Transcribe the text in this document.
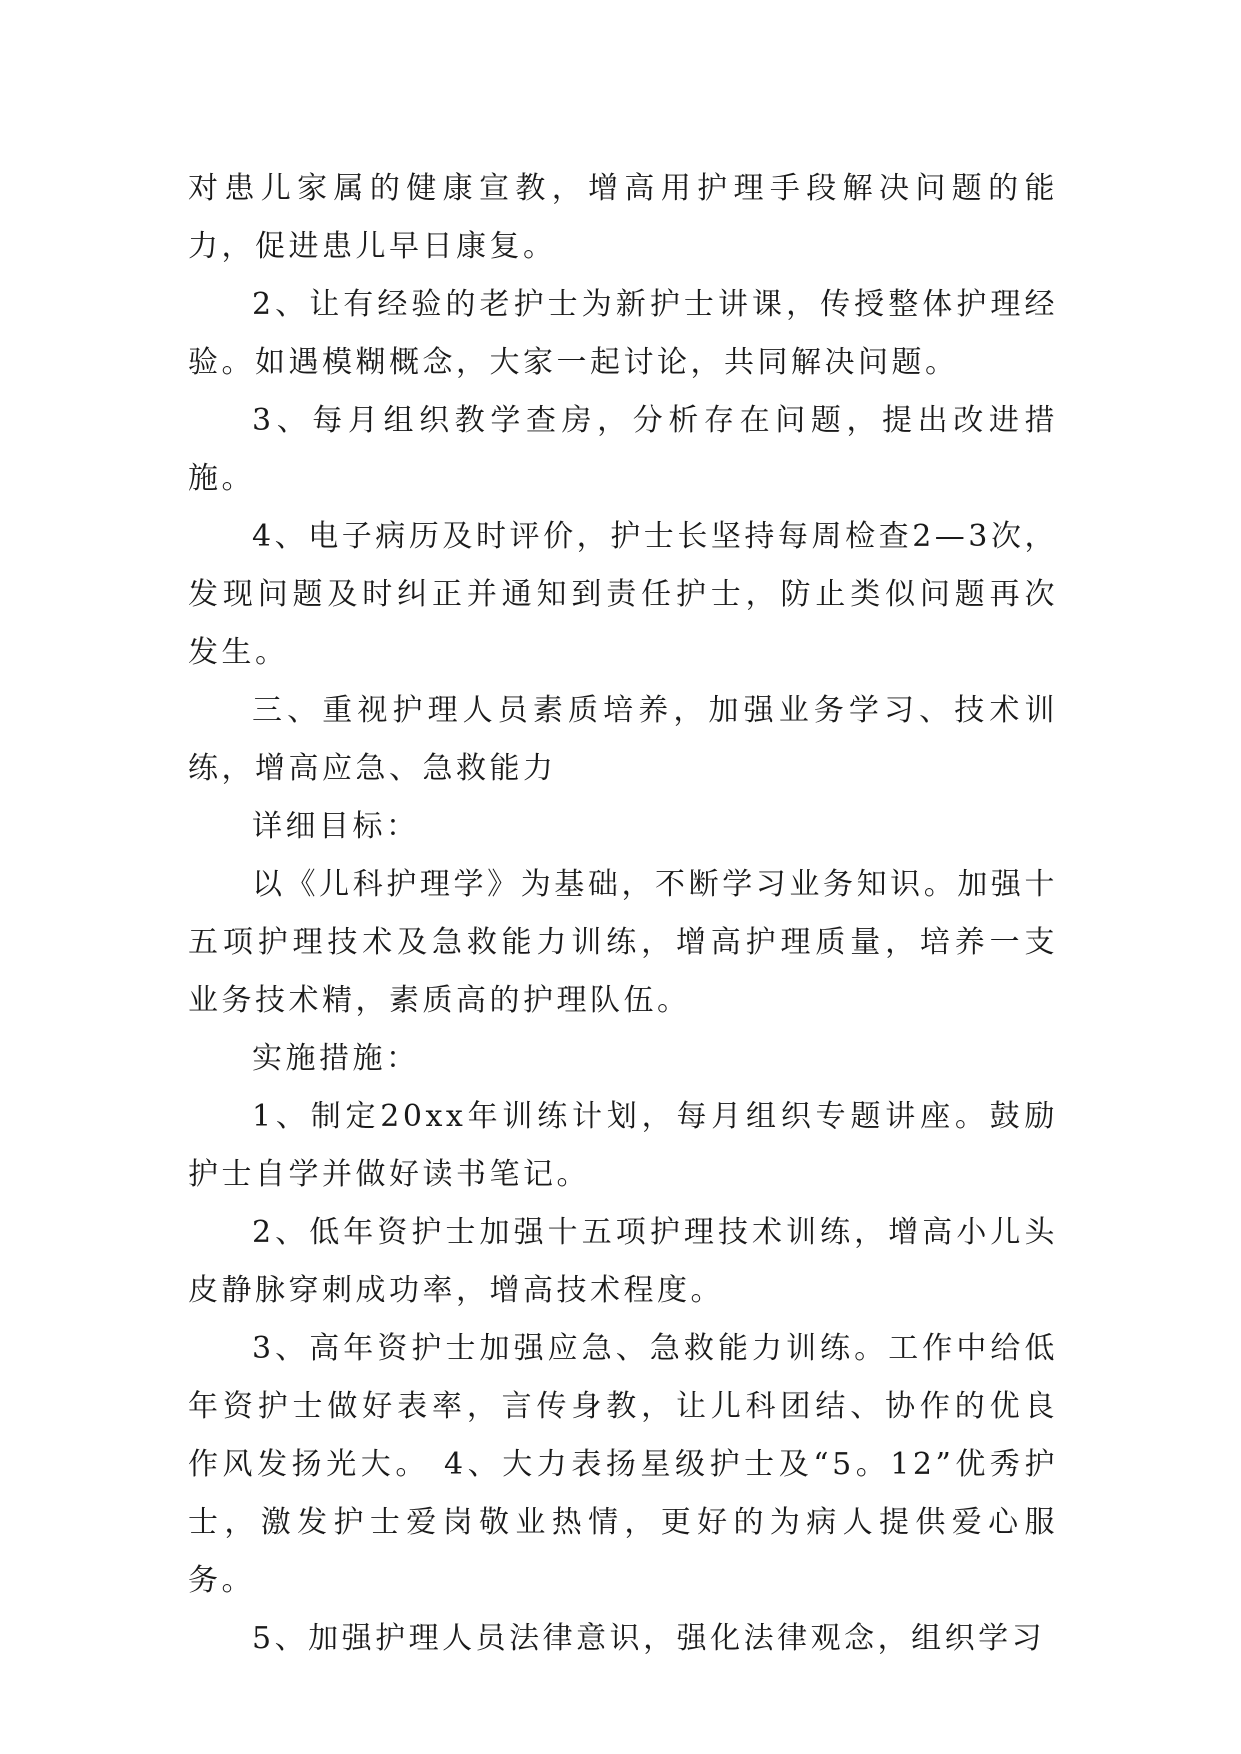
对患儿家属的健康宣教，增高用护理手段解决问题的能力，促进患儿早日康复。

2、让有经验的老护士为新护士讲课，传授整体护理经验。如遇模糊概念，大家一起讨论，共同解决问题。

3、每月组织教学查房，分析存在问题，提出改进措施。

4、电子病历及时评价，护士长坚持每周检查2—3次，发现问题及时纠正并通知到责任护士，防止类似问题再次发生。

三、重视护理人员素质培养，加强业务学习、技术训练，增高应急、急救能力

详细目标：

以《儿科护理学》为基础，不断学习业务知识。加强十五项护理技术及急救能力训练，增高护理质量，培养一支业务技术精，素质高的护理队伍。

实施措施：

1、制定20xx年训练计划，每月组织专题讲座。鼓励护士自学并做好读书笔记。

2、低年资护士加强十五项护理技术训练，增高小儿头皮静脉穿刺成功率，增高技术程度。

3、高年资护士加强应急、急救能力训练。工作中给低年资护士做好表率，言传身教，让儿科团结、协作的优良作风发扬光大。 4、大力表扬星级护士及“5。12”优秀护士，激发护士爱岗敬业热情，更好的为病人提供爱心服务。

5、加强护理人员法律意识，强化法律观念，组织学习
